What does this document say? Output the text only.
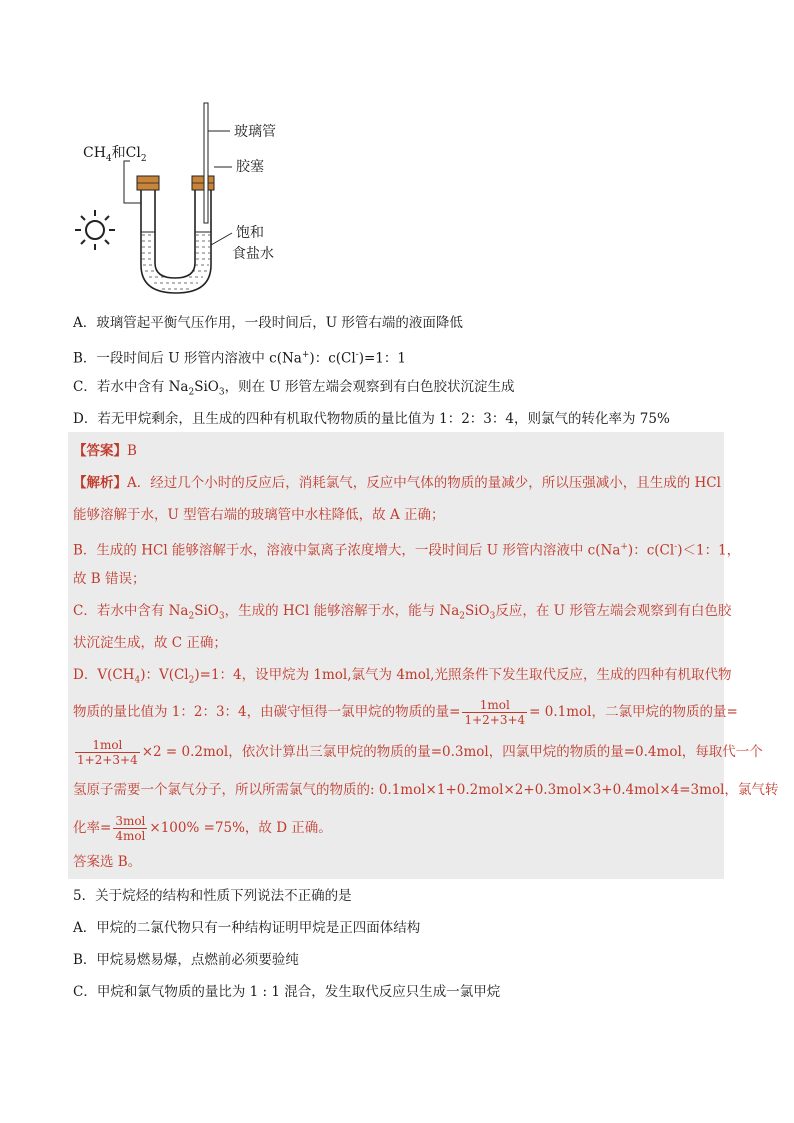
$CH_4$和$Cl_2$
玻璃管
胶塞
饱和
食盐水
A．玻璃管起平衡气压作用，一段时间后，U 形管右端的液面降低
B．一段时间后 U 形管内溶液中 c(Na+)：c(Cl-)=1：1
C．若水中含有 $Na_2SiO_3$，则在 U 形管左端会观察到有白色胶状沉淀生成
D．若无甲烷剩余，且生成的四种有机取代物物质的量比值为 1：2：3：4，则氯气的转化率为 75%
【答案】B
【解析】A．经过几个小时的反应后，消耗氯气，反应中气体的物质的量减少，所以压强减小，且生成的 HCl
能够溶解于水，U 型管右端的玻璃管中水柱降低，故 A 正确；
B．生成的 HCl 能够溶解于水，溶液中氯离子浓度增大，一段时间后 U 形管内溶液中 c(Na+)：c(Cl-)＜1：1，
故 B 错误；
C．若水中含有 $Na_2SiO_3$，生成的 HCl 能够溶解于水，能与 $Na_2SiO_3$反应，在 U 形管左端会观察到有白色胶
状沉淀生成，故 C 正确；
D．$V(CH_4)$：$V(Cl_2)=1$：4，设甲烷为 1mol,氯气为 4mol,光照条件下发生取代反应，生成的四种有机取代物
物质的量比值为 1：2：3：4，由碳守恒得一氯甲烷的物质的量= $\frac{\text{1mol}}{1+2+3+4} = 0.1mol$，二氯甲烷的物质的量=
$\frac{\text{1mol}}{1+2+3+4} \times 2 = 0.2mol$，依次计算出三氯甲烷的物质的量=0.3mol，四氯甲烷的物质的量=0.4mol，每取代一个
氢原子需要一个氯气分子，所以所需氯气的物质的: 0.1mol×1+0.2mol×2+0.3mol×3+0.4mol×4=3mol，氯气转
化率= $\frac{\text{3mol}}{\text{4mol}} \times 100\% =75\%$，故 D 正确。
答案选 B。
5．关于烷烃的结构和性质下列说法不正确的是
A．甲烷的二氯代物只有一种结构证明甲烷是正四面体结构
B．甲烷易燃易爆，点燃前必须要验纯
C．甲烷和氯气物质的量比为 1 : 1 混合，发生取代反应只生成一氯甲烷
